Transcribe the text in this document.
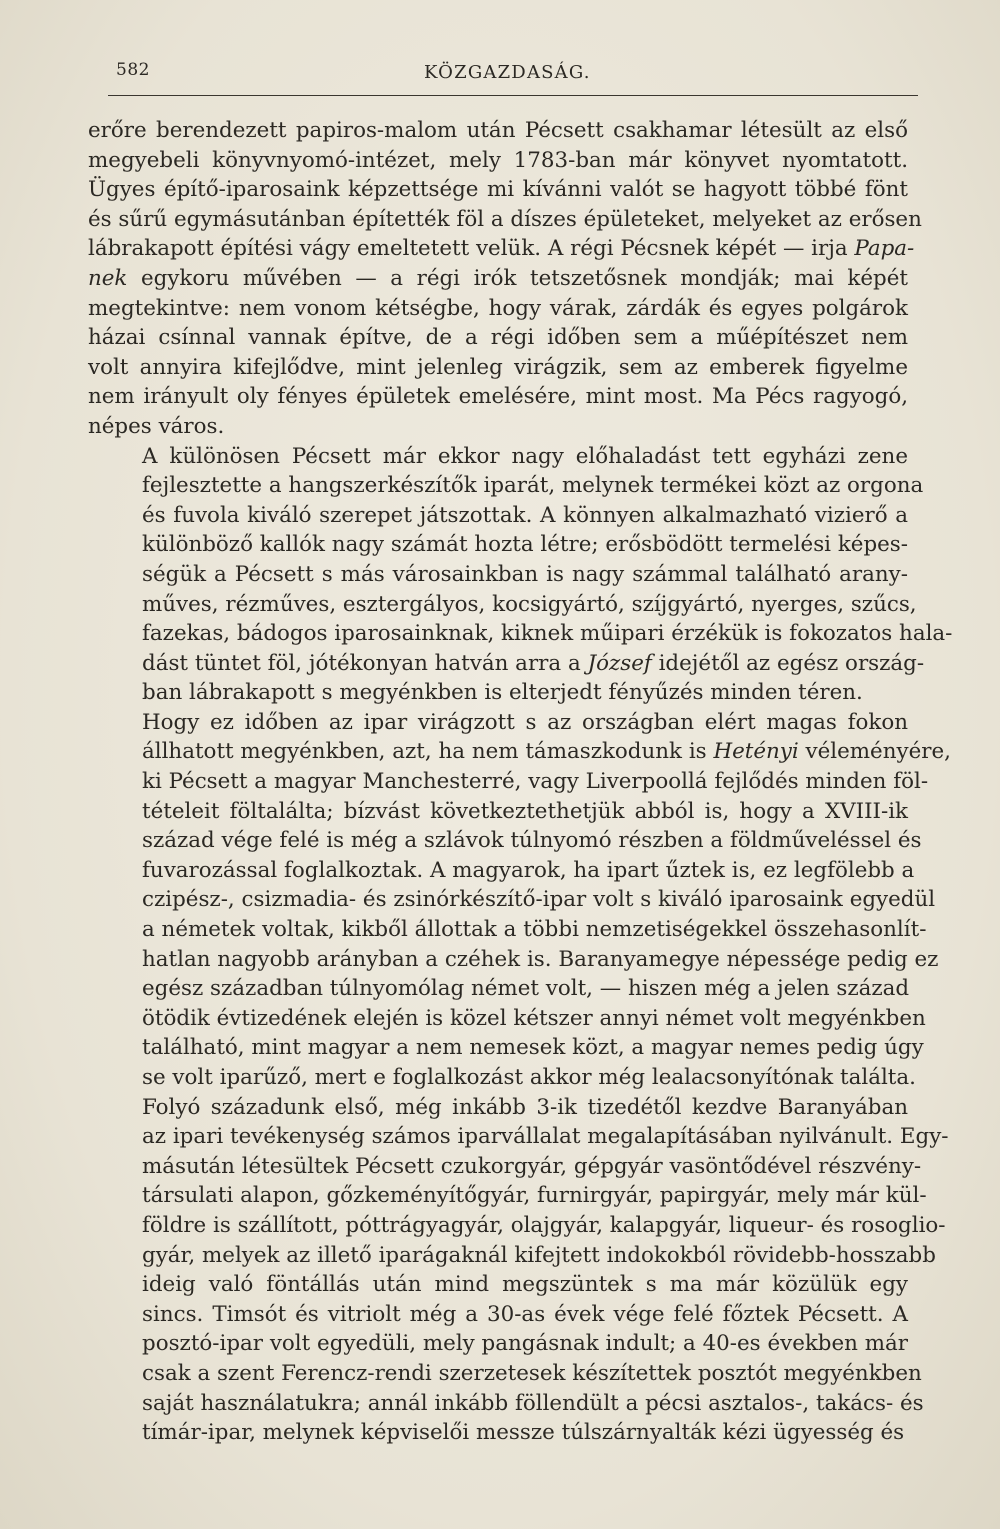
582	KÖZGAZDASÁG.

erőre berendezett papiros-malom után Pécsett csakhamar létesült az első
megyebeli könyvnyomó-intézet, mely 1783-ban már könyvet nyomtatott.
Ügyes építő-iparosaink képzettsége mi kívánni valót se hagyott többé fönt
és sűrű egymásutánban építették föl a díszes épületeket, melyeket az erősen
lábrakapott építési vágy emeltetett velük. A régi Pécsnek képét — irja Papa-
nek egykoru művében — a régi irók tetszetősnek mondják; mai képét
megtekintve: nem vonom kétségbe, hogy várak, zárdák és egyes polgárok
házai csínnal vannak építve, de a régi időben sem a műépítészet nem
volt annyira kifejlődve, mint jelenleg virágzik, sem az emberek figyelme
nem irányult oly fényes épületek emelésére, mint most. Ma Pécs ragyogó,
népes város.

A különösen Pécsett már ekkor nagy előhaladást tett egyházi zene
fejlesztette a hangszerkészítők iparát, melynek termékei közt az orgona
és fuvola kiváló szerepet játszottak. A könnyen alkalmazható vizierő a
különböző kallók nagy számát hozta létre; erősbödött termelési képes-
ségük a Pécsett s más városainkban is nagy számmal található arany-
műves, rézműves, esztergályos, kocsigyártó, szíjgyártó, nyerges, szűcs,
fazekas, bádogos iparosainknak, kiknek műipari érzékük is fokozatos hala-
dást tüntet föl, jótékonyan hatván arra a József idejétől az egész ország-
ban lábrakapott s megyénkben is elterjedt fényűzés minden téren.

Hogy ez időben az ipar virágzott s az országban elért magas fokon
állhatott megyénkben, azt, ha nem támaszkodunk is Hetényi véleményére,
ki Pécsett a magyar Manchesterré, vagy Liverpoollá fejlődés minden föl-
tételeit föltalálta; bízvást következtethetjük abból is, hogy a XVIII-ik
század vége felé is még a szlávok túlnyomó részben a földműveléssel és
fuvarozással foglalkoztak. A magyarok, ha ipart űztek is, ez legfölebb a
czipész-, csizmadia- és zsinórkészítő-ipar volt s kiváló iparosaink egyedül
a németek voltak, kikből állottak a többi nemzetiségekkel összehasonlít-
hatlan nagyobb arányban a czéhek is. Baranyamegye népessége pedig ez
egész században túlnyomólag német volt, — hiszen még a jelen század
ötödik évtizedének elején is közel kétszer annyi német volt megyénkben
található, mint magyar a nem nemesek közt, a magyar nemes pedig úgy
se volt iparűző, mert e foglalkozást akkor még lealacsonyítónak találta.

Folyó századunk első, még inkább 3-ik tizedétől kezdve Baranyában
az ipari tevékenység számos iparvállalat megalapításában nyilvánult. Egy-
másután létesültek Pécsett czukorgyár, gépgyár vasöntődével részvény-
társulati alapon, gőzkeményítőgyár, furnirgyár, papirgyár, mely már kül-
földre is szállított, póttrágyagyár, olajgyár, kalapgyár, liqueur- és rosoglio-
gyár, melyek az illető iparágaknál kifejtett indokokból rövidebb-hosszabb
ideig való föntállás után mind megszüntek s ma már közülük egy
sincs. Timsót és vitriolt még a 30-as évek vége felé főztek Pécsett. A
posztó-ipar volt egyedüli, mely pangásnak indult; a 40-es években már
csak a szent Ferencz-rendi szerzetesek készítettek posztót megyénkben
saját használatukra; annál inkább föllendült a pécsi asztalos-, takács- és
tímár-ipar, melynek képviselői messze túlszárnyalták kézi ügyesség és
